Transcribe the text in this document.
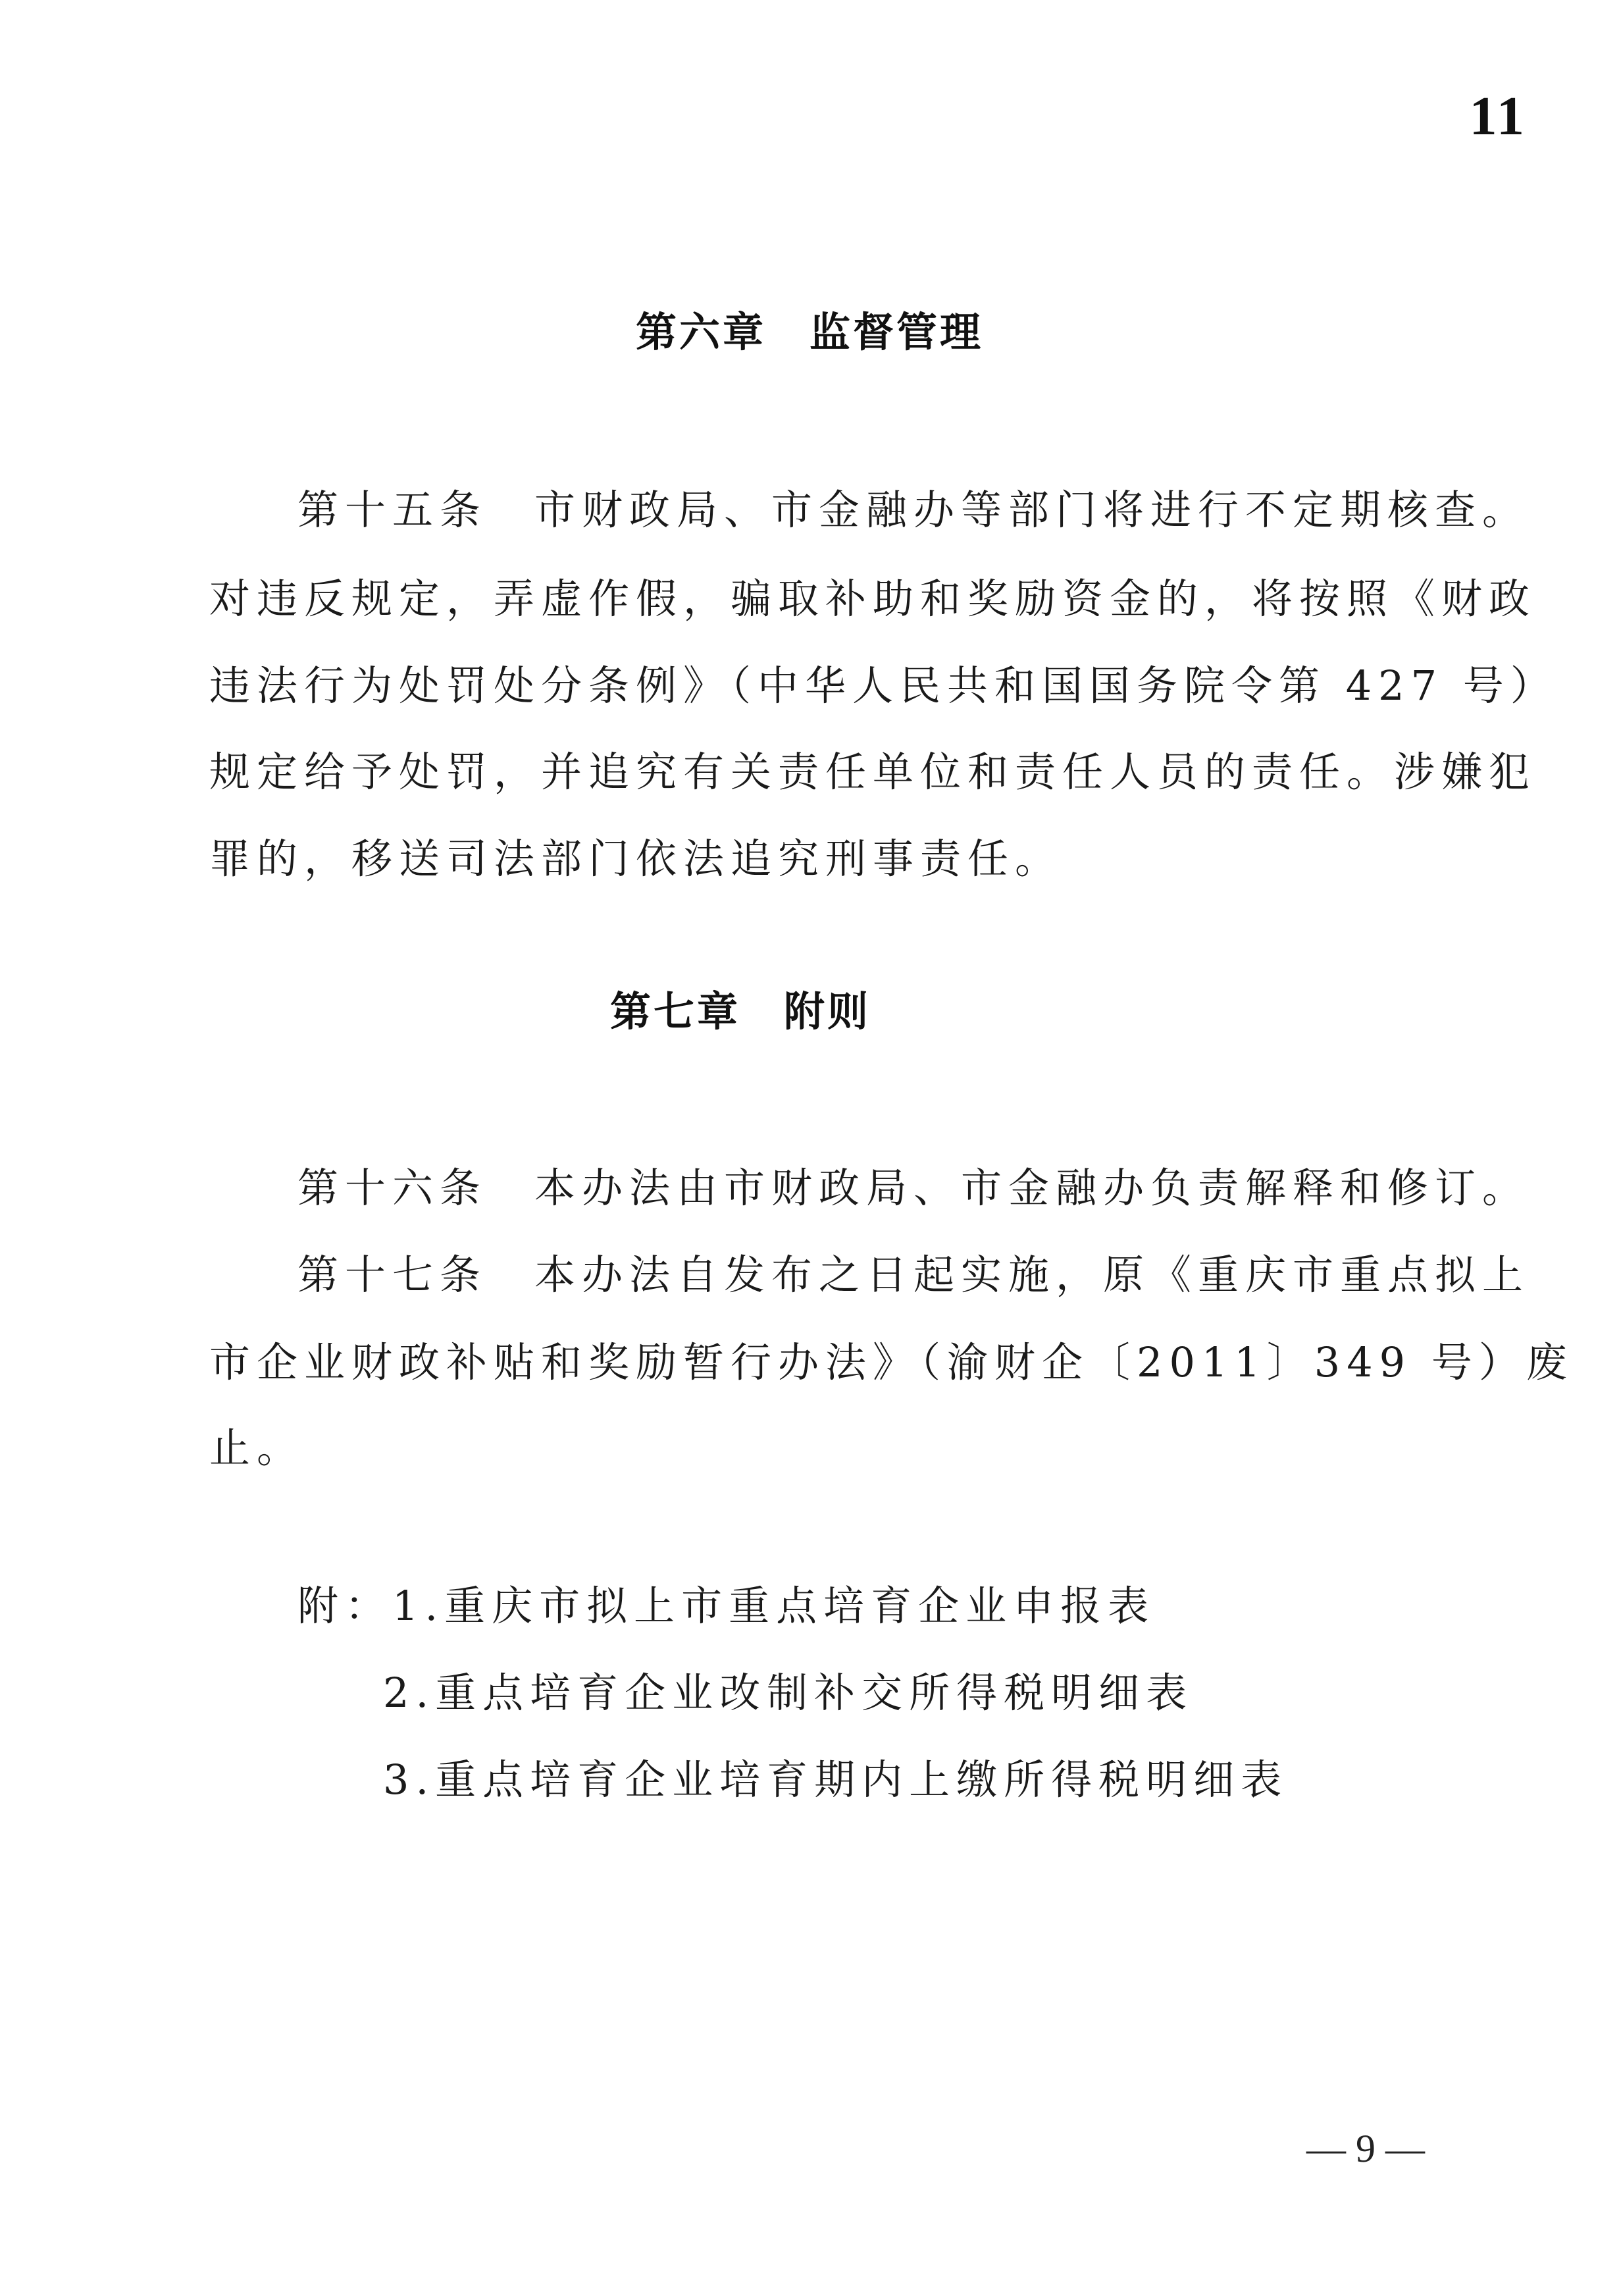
11
第六章　监督管理
第十五条　市财政局、市金融办等部门将进行不定期核查。
对违反规定，弄虚作假，骗取补助和奖励资金的，将按照《财政
违法行为处罚处分条例》（中华人民共和国国务院令第 427 号）
规定给予处罚，并追究有关责任单位和责任人员的责任。涉嫌犯
罪的，移送司法部门依法追究刑事责任。
第七章　附则
第十六条　本办法由市财政局、市金融办负责解释和修订。
第十七条　本办法自发布之日起实施，原《重庆市重点拟上
市企业财政补贴和奖励暂行办法》（渝财企〔2011〕349 号）废
止。
附：1.重庆市拟上市重点培育企业申报表
2.重点培育企业改制补交所得税明细表
3.重点培育企业培育期内上缴所得税明细表
— 9 —
